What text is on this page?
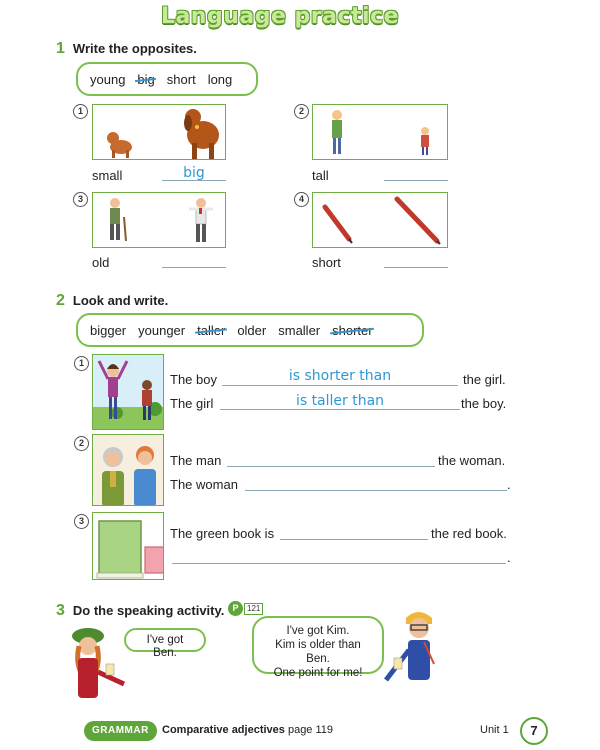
Language practice
1 Write the opposites.
young big short long
1
small	big
2
tall
3
old
4
short
2 Look and write.
bigger younger taller older smaller shorter
1
The boy	is shorter than	the girl.
The girl	is taller than	the boy.
2
The man	the woman.
The woman	.
3
The green book is	the red book.
.
3 Do the speaking activity. P	121
I've got Ben.
I've got Kim.
Kim is older than Ben.
One point for me!
GRAMMAR	Comparative adjectives page 119	Unit 1	7
